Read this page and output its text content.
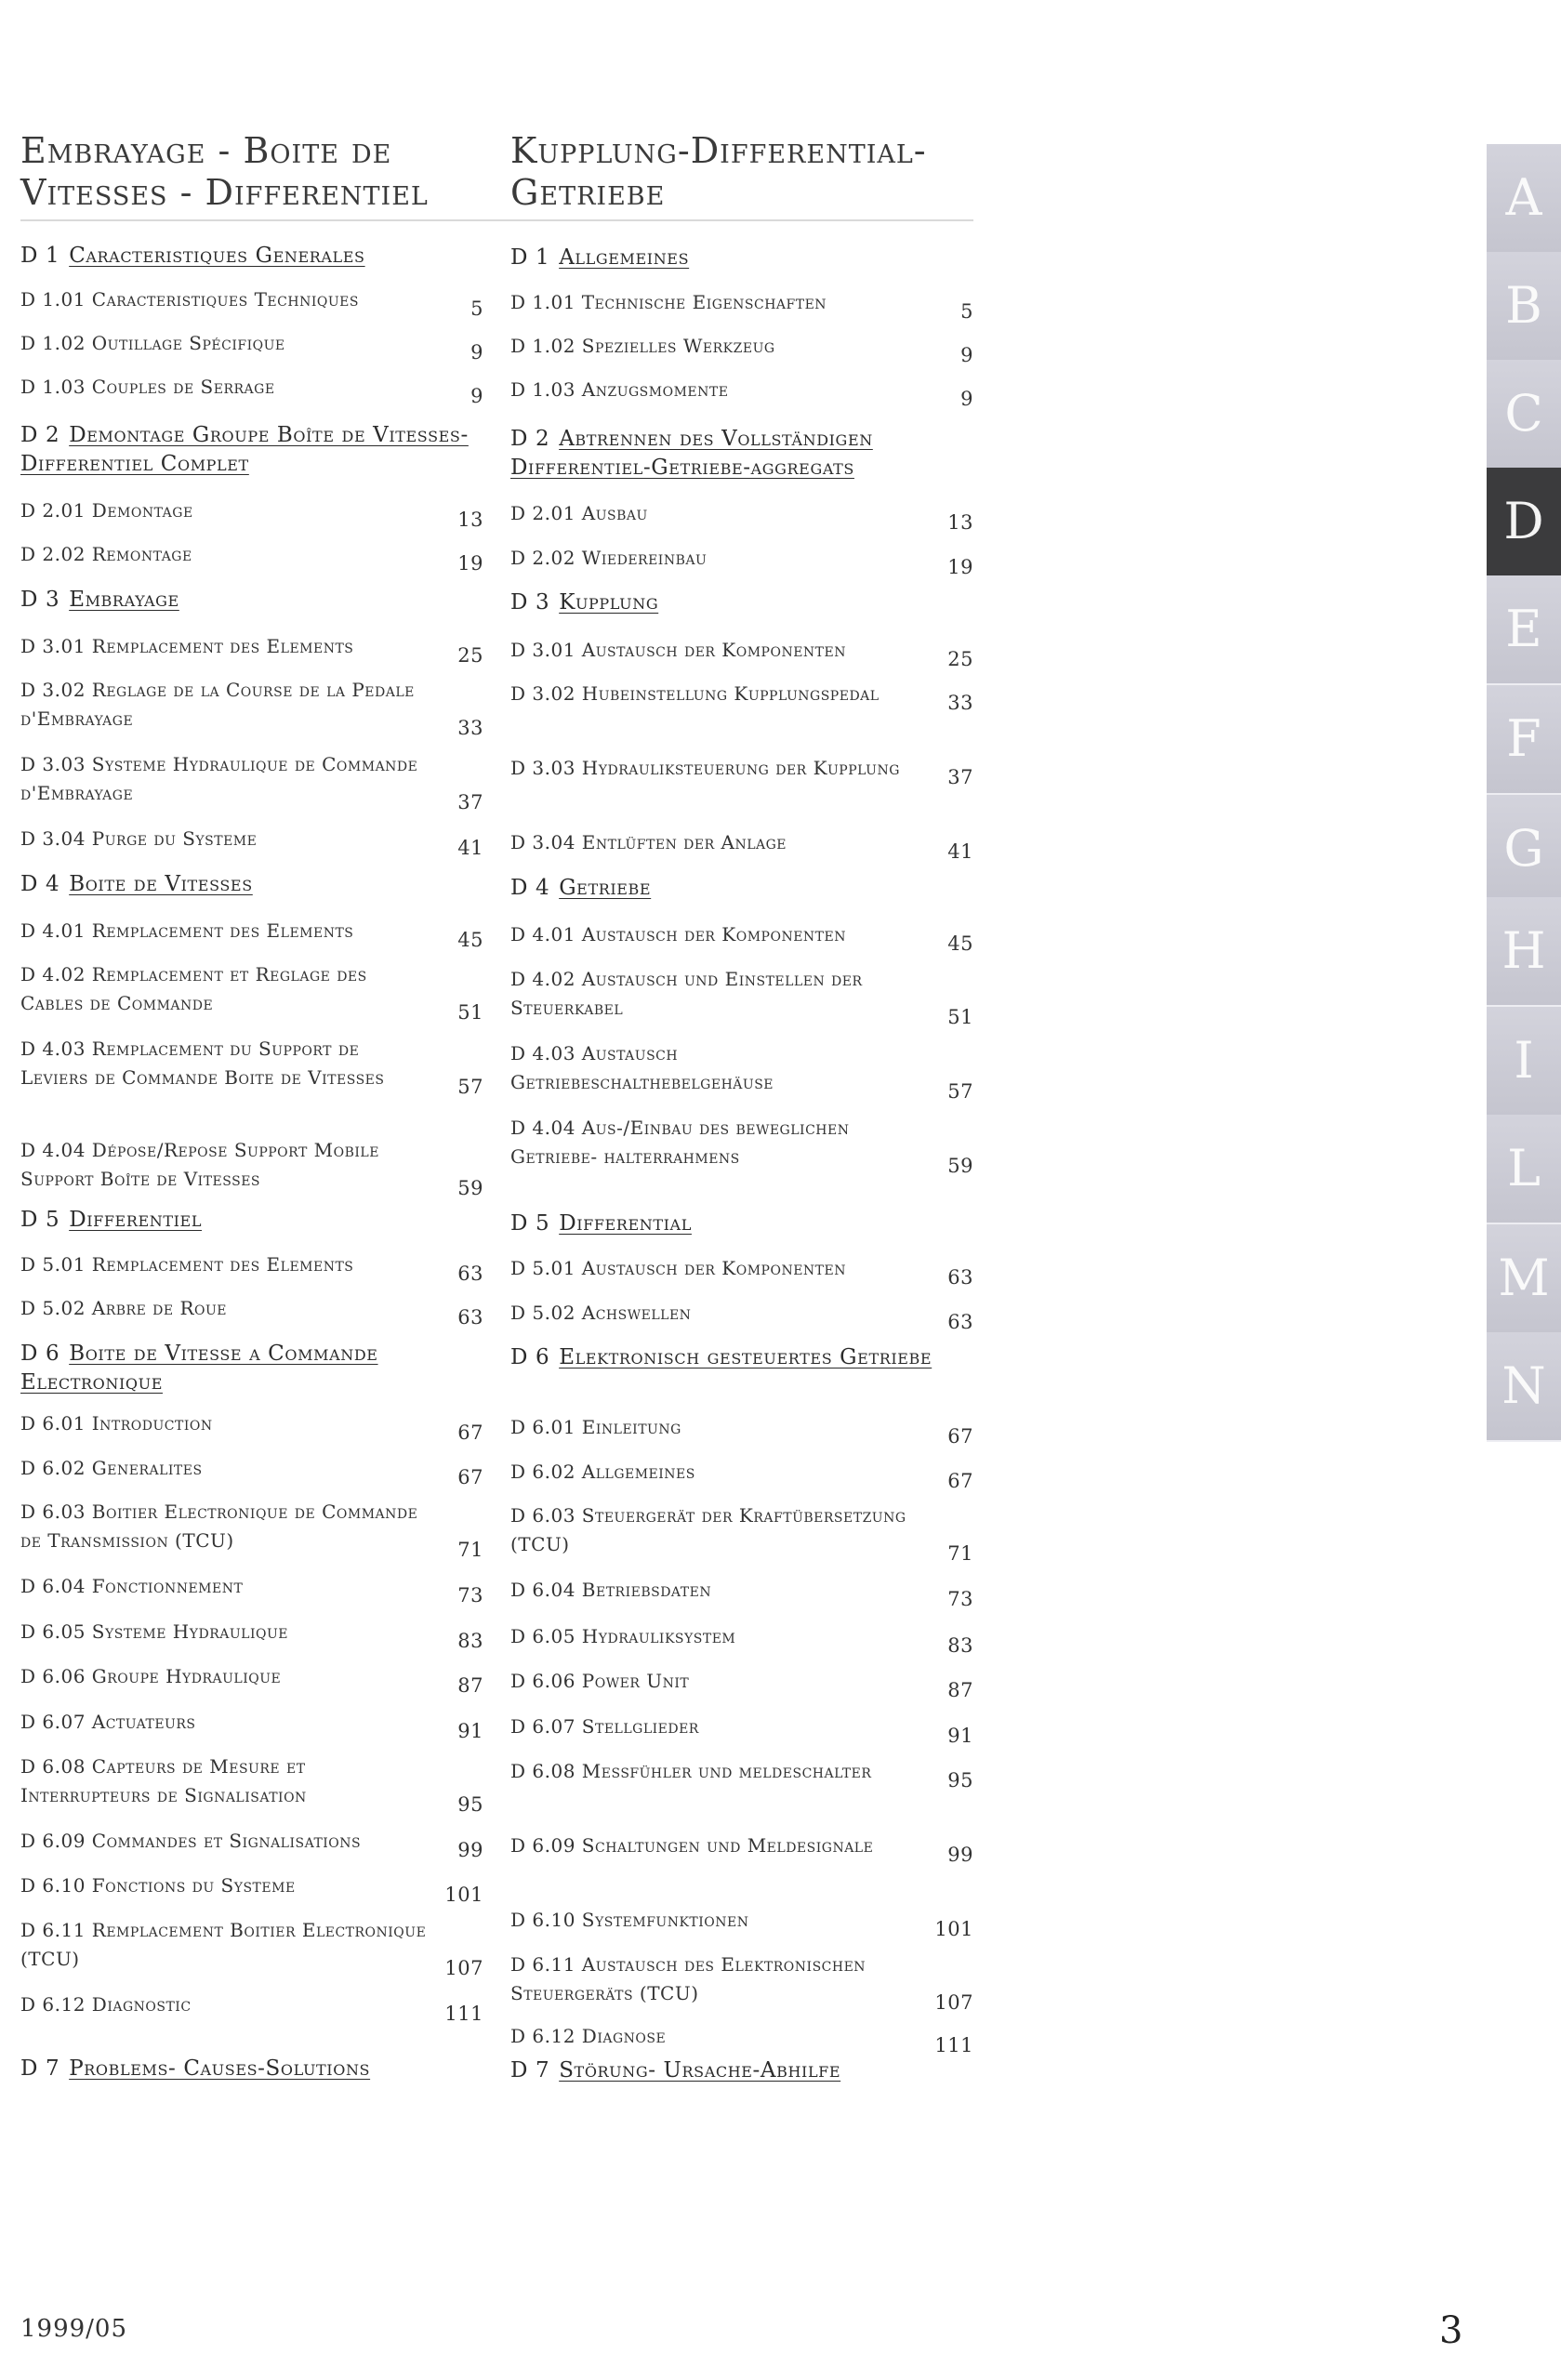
Embrayage - Boite de
Vitesses - Differentiel
D 1 Caracteristiques Generales
D 1.01 Caracteristiques Techniques	5
D 1.02 Outillage Spécifique	9
D 1.03 Couples de Serrage	9
D 2 Demontage Groupe Boîte de Vitesses-Differentiel Complet
D 2.01 Demontage	13
D 2.02 Remontage	19
D 3 Embrayage
D 3.01 Remplacement des Elements	25
D 3.02 Reglage de la Course de la Pedale d'Embrayage	33
D 3.03 Systeme Hydraulique de Commande d'Embrayage	37
D 3.04 Purge du Systeme	41
D 4 Boite de Vitesses
D 4.01 Remplacement des Elements	45
D 4.02 Remplacement et Reglage des Cables de Commande	51
D 4.03 Remplacement du Support de Leviers de Commande Boite de Vitesses	57
D 4.04 Dépose/Repose Support Mobile Support Boîte de Vitesses	59
D 5 Differentiel
D 5.01 Remplacement des Elements	63
D 5.02 Arbre de Roue	63
D 6 Boite de Vitesse a Commande Electronique
D 6.01 Introduction	67
D 6.02 Generalites	67
D 6.03 Boitier Electronique de Commande de Transmission (TCU)	71
D 6.04 Fonctionnement	73
D 6.05 Systeme Hydraulique	83
D 6.06 Groupe Hydraulique	87
D 6.07 Actuateurs	91
D 6.08 Capteurs de Mesure et Interrupteurs de Signalisation	95
D 6.09 Commandes et Signalisations	99
D 6.10 Fonctions du Systeme	101
D 6.11 Remplacement Boitier Electronique (TCU)	107
D 6.12 Diagnostic	111
D 7 Problems- Causes-Solutions
Kupplung-Differential-
Getriebe
D 1 Allgemeines
D 1.01 Technische Eigenschaften	5
D 1.02 Spezielles Werkzeug	9
D 1.03 Anzugsmomente	9
D 2 Abtrennen des Vollständigen Differentiel-Getriebe-aggregats
D 2.01 Ausbau	13
D 2.02 Wiedereinbau	19
D 3 Kupplung
D 3.01 Austausch der Komponenten	25
D 3.02 Hubeinstellung Kupplungspedal	33
D 3.03 Hydrauliksteuerung der Kupplung	37
D 3.04 Entlüften der Anlage	41
D 4 Getriebe
D 4.01 Austausch der Komponenten	45
D 4.02 Austausch und Einstellen der Steuerkabel	51
D 4.03 Austausch Getriebeschalthebelgehäuse	57
D 4.04 Aus-/Einbau des beweglichen Getriebe- halterrahmens	59
D 5 Differential
D 5.01 Austausch der Komponenten	63
D 5.02 Achswellen	63
D 6 Elektronisch gesteuertes Getriebe
D 6.01 Einleitung	67
D 6.02 Allgemeines	67
D 6.03 Steuergerät der Kraftübersetzung (TCU)	71
D 6.04 Betriebsdaten	73
D 6.05 Hydrauliksystem	83
D 6.06 Power Unit	87
D 6.07 Stellglieder	91
D 6.08 Messfühler und meldeschalter	95
D 6.09 Schaltungen und Meldesignale	99
D 6.10 Systemfunktionen	101
D 6.11 Austausch des Elektronischen Steuergeräts (TCU)	107
D 6.12 Diagnose	111
D 7 Störung- Ursache-Abhilfe
A
B
C
D
E
F
G
H
I
L
M
N
1999/05	3
